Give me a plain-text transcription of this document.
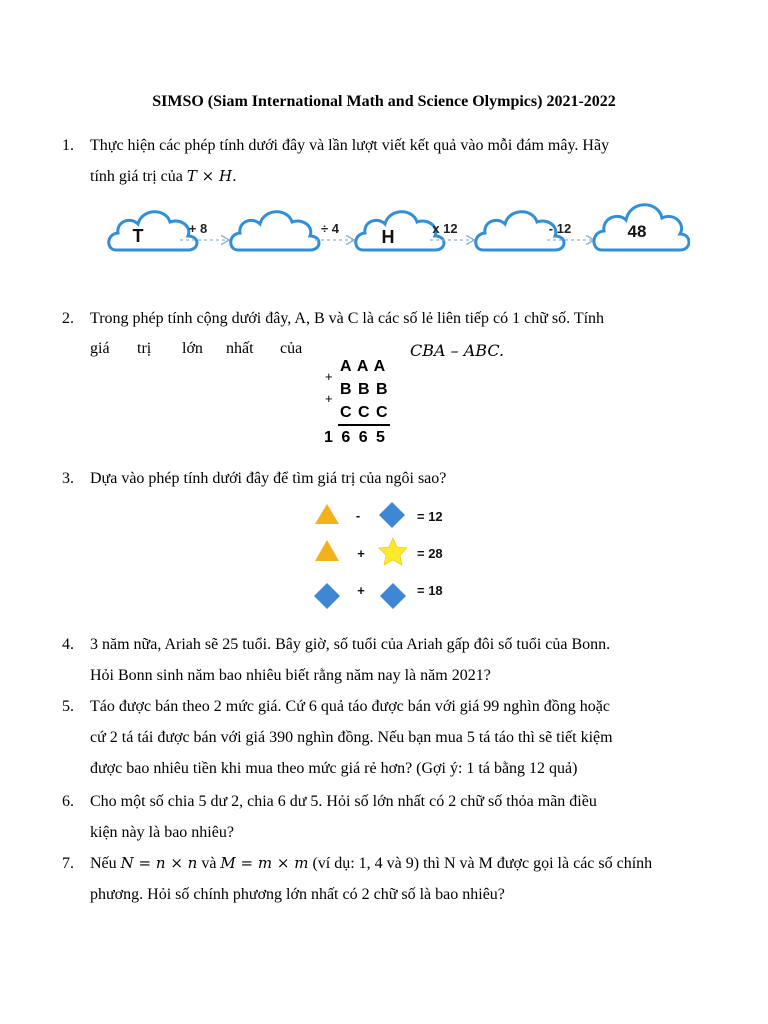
SIMSO (Siam International Math and Science Olympics) 2021-2022
1. Thực hiện các phép tính dưới đây và lần lượt viết kết quả vào mỗi đám mây. Hãy
tính giá trị của T × H.
T	+ 8	÷ 4 H	x 12	- 12	48
2. Trong phép tính cộng dưới đây, A, B và C là các số lẻ liên tiếp có 1 chữ số. Tính
giá trị lớn nhất của	CBA – ABC.
A A A
+
B B B
+
C C C
1 6 6 5
3. Dựa vào phép tính dưới đây để tìm giá trị của ngôi sao?
-	= 12
+	= 28
+	= 18
4. 3 năm nữa, Ariah sẽ 25 tuổi. Bây giờ, số tuổi của Ariah gấp đôi số tuổi của Bonn.
Hỏi Bonn sinh năm bao nhiêu biết rằng năm nay là năm 2021?
5. Táo được bán theo 2 mức giá. Cứ 6 quả táo được bán với giá 99 nghìn đồng hoặc
cứ 2 tá tái được bán với giá 390 nghìn đồng. Nếu bạn mua 5 tá táo thì sẽ tiết kiệm
được bao nhiêu tiền khi mua theo mức giá rẻ hơn? (Gợi ý: 1 tá bằng 12 quả)
6. Cho một số chia 5 dư 2, chia 6 dư 5. Hỏi số lớn nhất có 2 chữ số thỏa mãn điều
kiện này là bao nhiêu?
7. Nếu N = n × n và M = m × m (ví dụ: 1, 4 và 9) thì N và M được gọi là các số chính
phương. Hỏi số chính phương lớn nhất có 2 chữ số là bao nhiêu?
